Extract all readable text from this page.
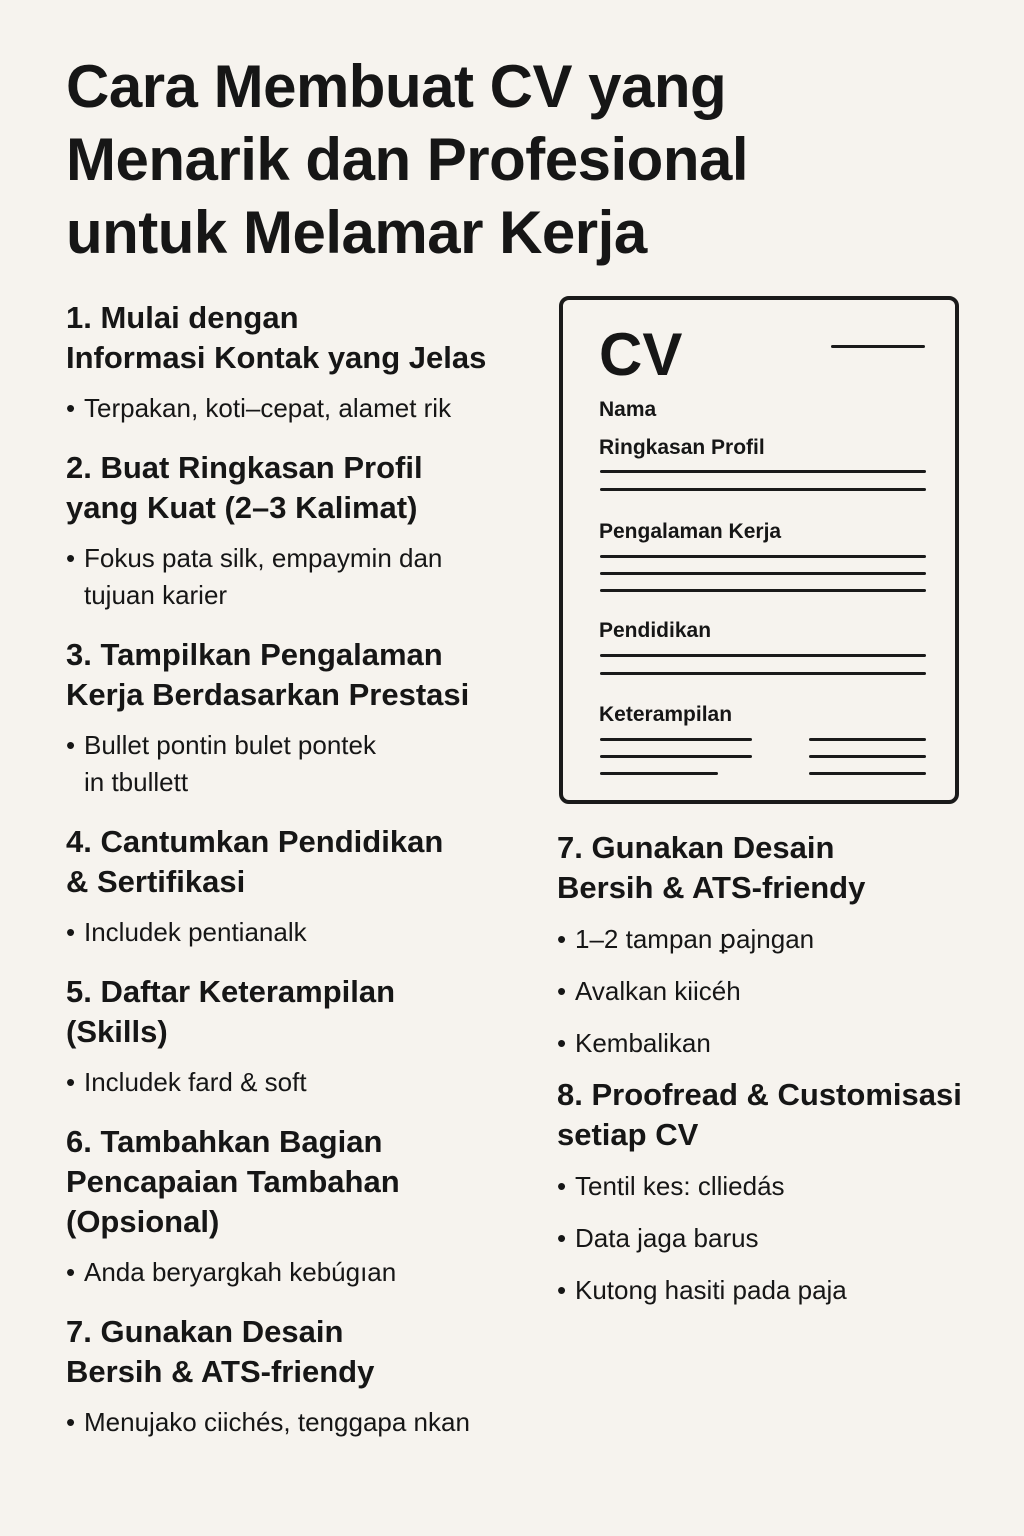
Cara Membuat CV yang
Menarik dan Profesional
untuk Melamar Kerja
1. Mulai dengan
Informasi Kontak yang Jelas
• Terpakan, koti–cepat, alamet rik
2. Buat Ringkasan Profil
yang Kuat (2–3 Kalimat)
• Fokus pata silk, empaymin dan
tujuan karier
3. Tampilkan Pengalaman
Kerja Berdasarkan Prestasi
• Bullet pontin bulet pontek
in tbullett
4. Cantumkan Pendidikan
& Sertifikasi
• Includek pentianalk
5. Daftar Keterampilan
(Skills)
• Includek fard & soft
6. Tambahkan Bagian
Pencapaian Tambahan
(Opsional)
• Anda beryargkah kebúgıan
7. Gunakan Desain
Bersih & ATS-friendy
• Menujako ciichés, tenggapa nkan
CV
Nama
Ringkasan Profil
Pengalaman Kerja
Pendidikan
Keterampilan
7. Gunakan Desain
Bersih & ATS-friendy
• 1–2 tampan ꝑajngan
• Avalkan kiicéh
• Kembalikan
8. Proofread & Customisasi
setiap CV
• Tentil kes: clliedás
• Data jaga barus
• Kutong hasiti pada paja
